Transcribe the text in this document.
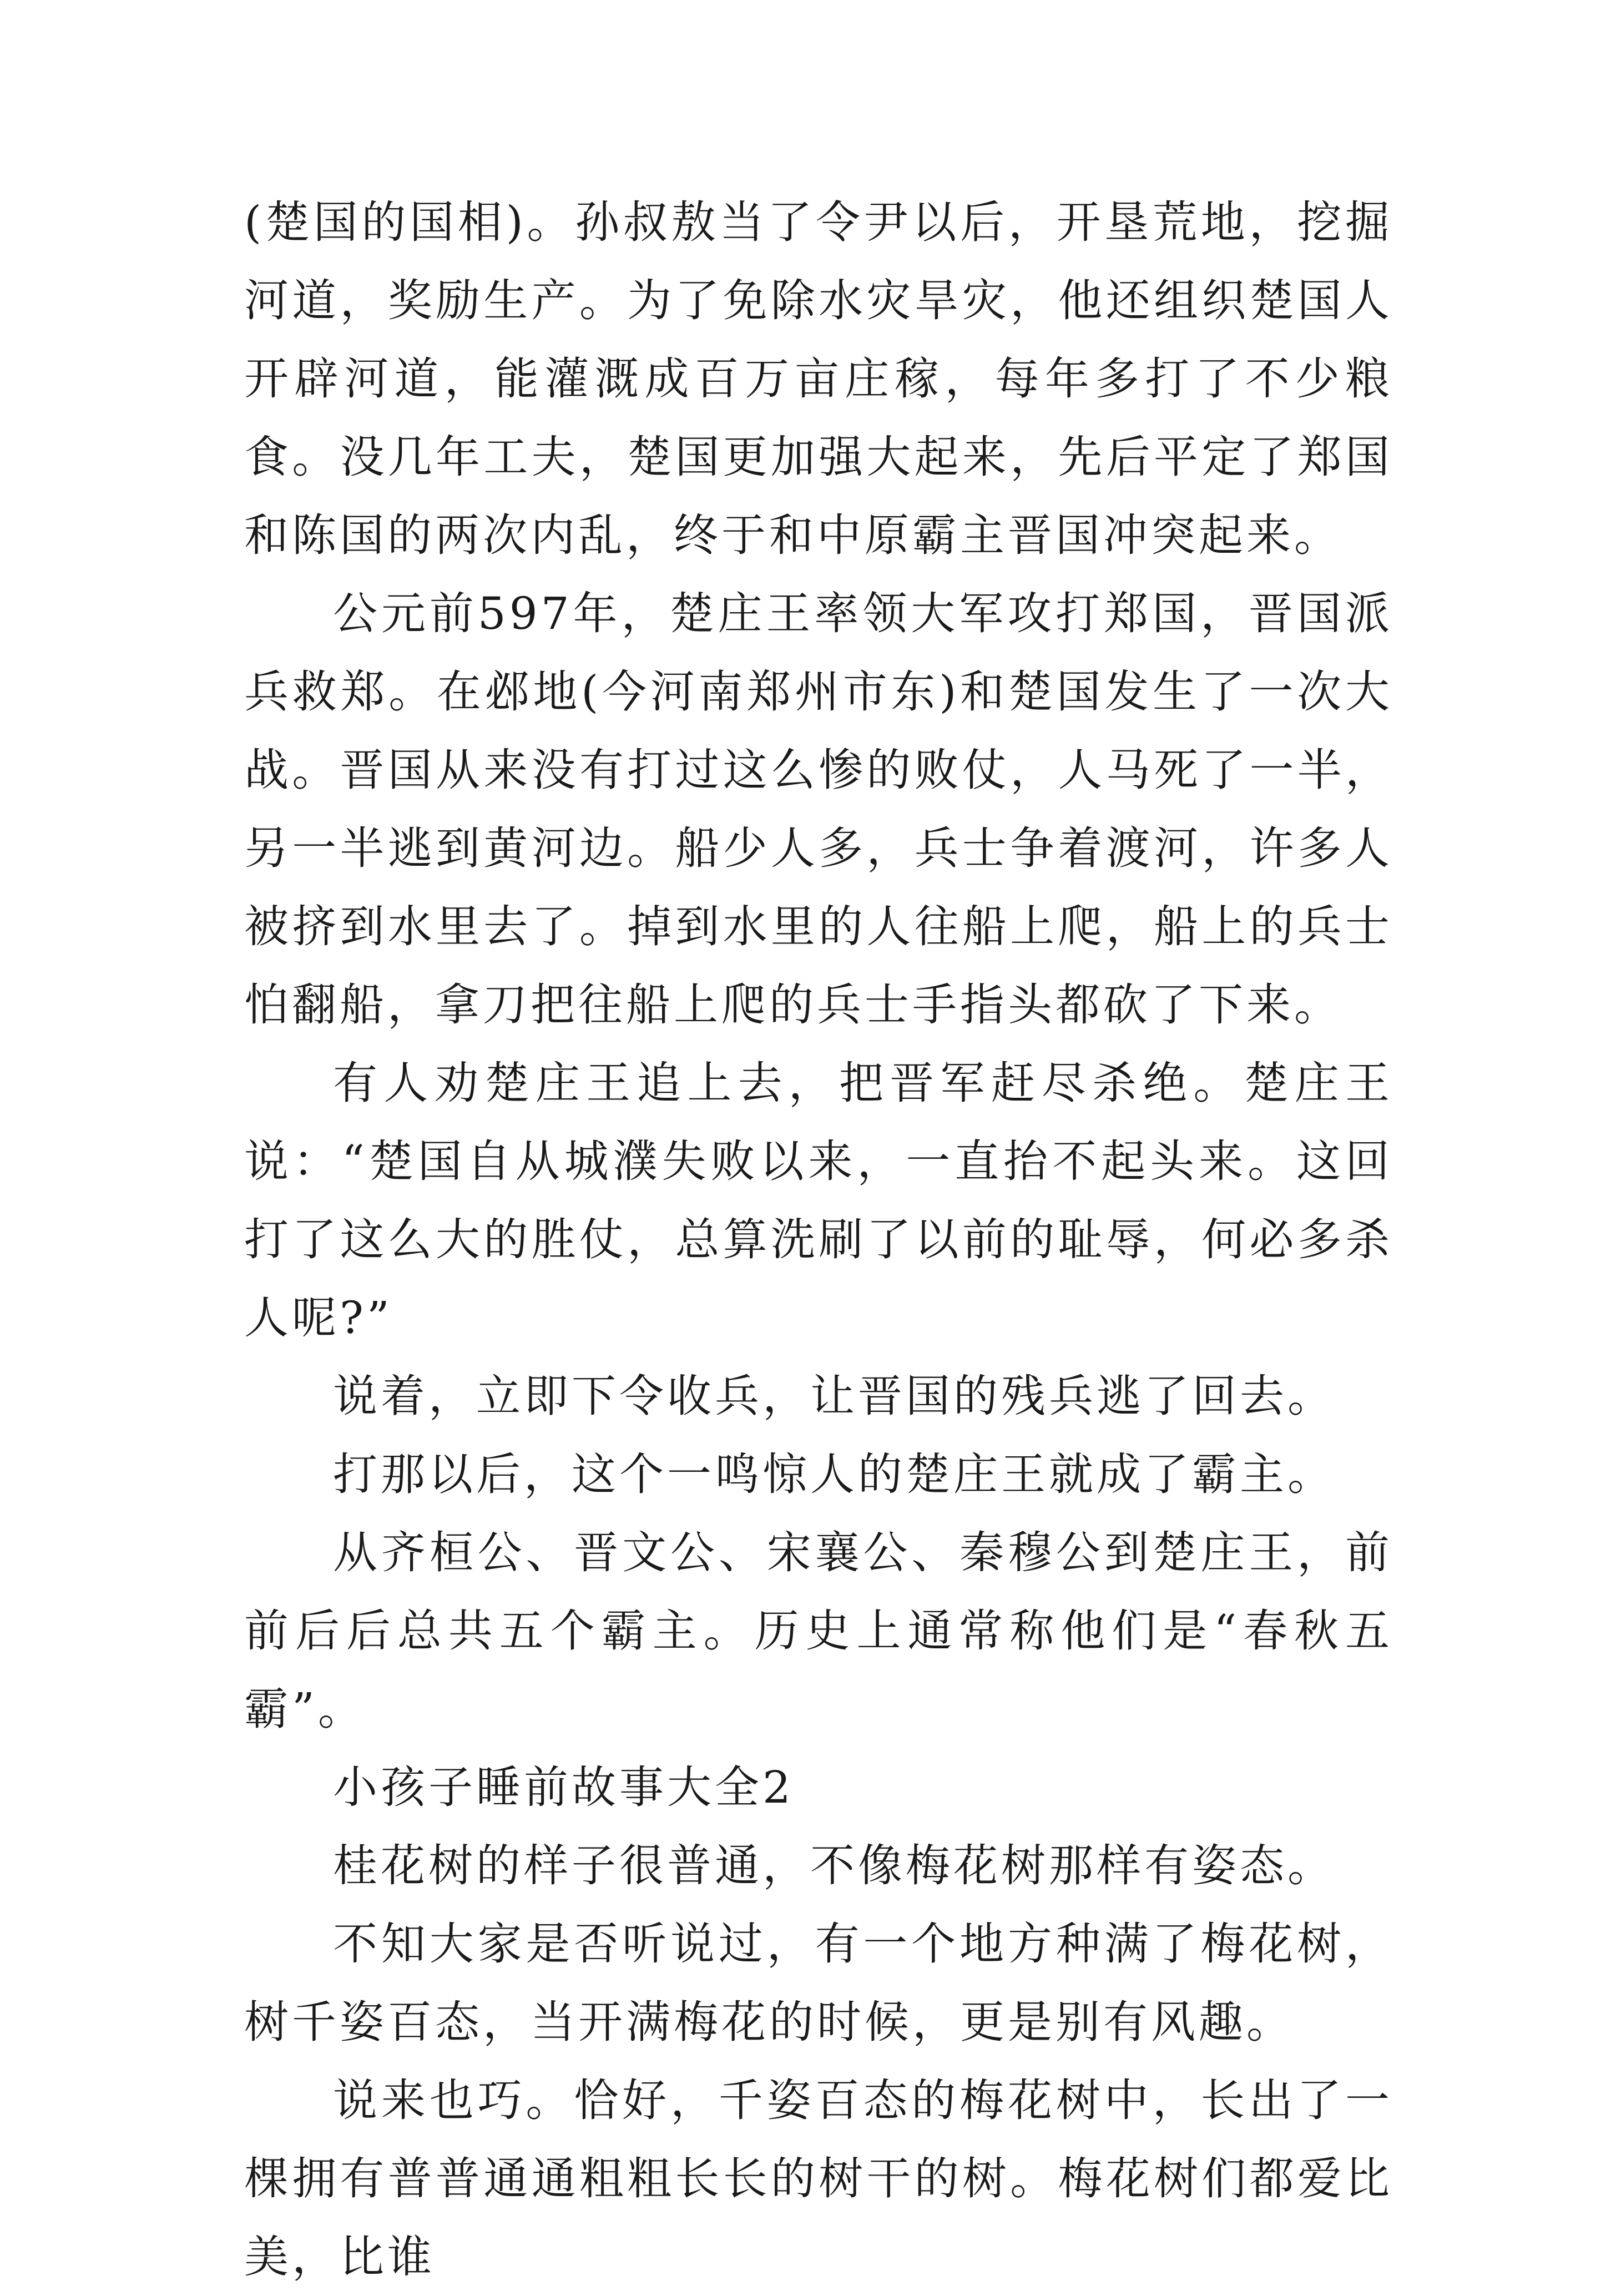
(楚国的国相)。孙叔敖当了令尹以后，开垦荒地，挖掘河道，奖励生产。为了免除水灾旱灾，他还组织楚国人开辟河道，能灌溉成百万亩庄稼，每年多打了不少粮食。没几年工夫，楚国更加强大起来，先后平定了郑国和陈国的两次内乱，终于和中原霸主晋国冲突起来。

公元前597年，楚庄王率领大军攻打郑国，晋国派兵救郑。在邲地(今河南郑州市东)和楚国发生了一次大战。晋国从来没有打过这么惨的败仗，人马死了一半，另一半逃到黄河边。船少人多，兵士争着渡河，许多人被挤到水里去了。掉到水里的人往船上爬，船上的兵士怕翻船，拿刀把往船上爬的兵士手指头都砍了下来。

有人劝楚庄王追上去，把晋军赶尽杀绝。楚庄王说：“楚国自从城濮失败以来，一直抬不起头来。这回打了这么大的胜仗，总算洗刷了以前的耻辱，何必多杀人呢?”

说着，立即下令收兵，让晋国的残兵逃了回去。

打那以后，这个一鸣惊人的楚庄王就成了霸主。

从齐桓公、晋文公、宋襄公、秦穆公到楚庄王，前前后后总共五个霸主。历史上通常称他们是“春秋五霸”。

小孩子睡前故事大全2

桂花树的样子很普通，不像梅花树那样有姿态。

不知大家是否听说过，有一个地方种满了梅花树，树千姿百态，当开满梅花的时候，更是别有风趣。

说来也巧。恰好，千姿百态的梅花树中，长出了一棵拥有普普通通粗粗长长的树干的树。梅花树们都爱比美，比谁
